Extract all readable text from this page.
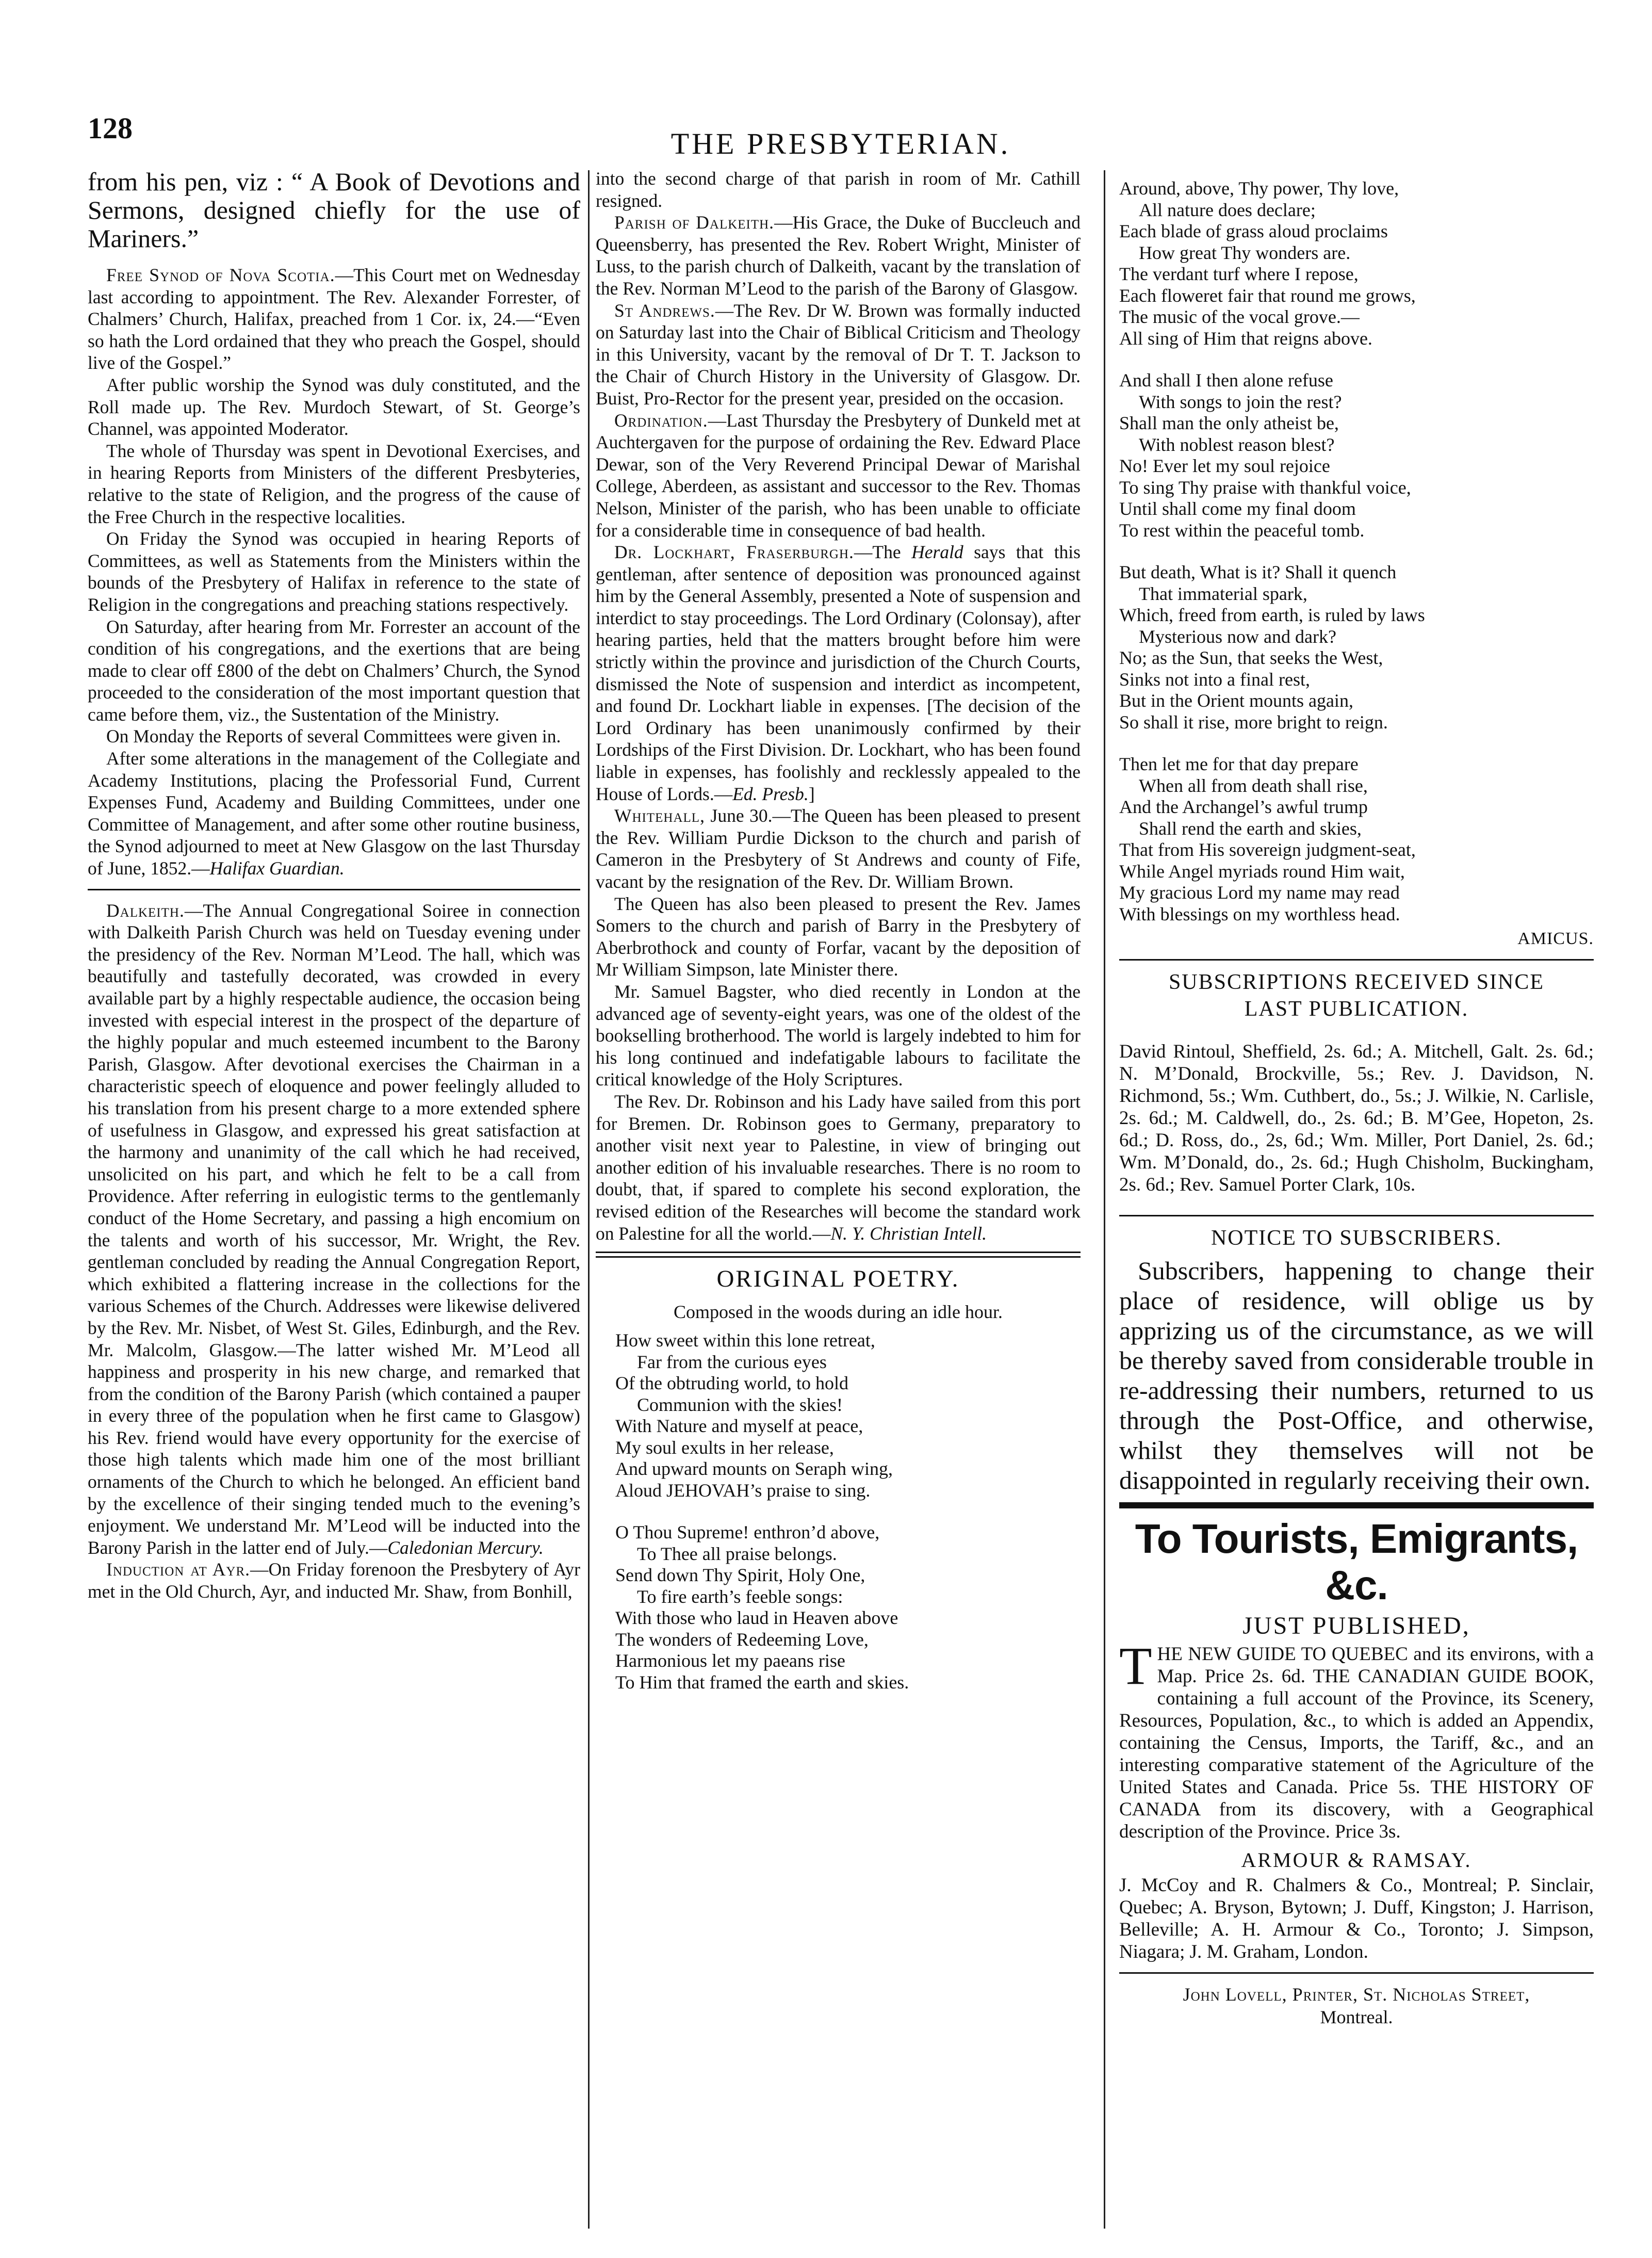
128	THE PRESBYTERIAN.

from his pen, viz : “ A Book of Devotions and Sermons, designed chiefly for the use of Mariners.”

Free Synod of Nova Scotia.—This Court met on Wednesday last according to appointment. The Rev. Alexander Forrester, of Chalmers’ Church, Halifax, preached from 1 Cor. ix, 24.—“Even so hath the Lord ordained that they who preach the Gospel, should live of the Gospel.”

After public worship the Synod was duly constituted, and the Roll made up. The Rev. Murdoch Stewart, of St. George’s Channel, was appointed Moderator.

The whole of Thursday was spent in Devotional Exercises, and in hearing Reports from Ministers of the different Presbyteries, relative to the state of Religion, and the progress of the cause of the Free Church in the respective localities.

On Friday the Synod was occupied in hearing Reports of Committees, as well as Statements from the Ministers within the bounds of the Presbytery of Halifax in reference to the state of Religion in the congregations and preaching stations respectively.

On Saturday, after hearing from Mr. Forrester an account of the condition of his congregations, and the exertions that are being made to clear off £800 of the debt on Chalmers’ Church, the Synod proceeded to the consideration of the most important question that came before them, viz., the Sustentation of the Ministry.

On Monday the Reports of several Committees were given in.

After some alterations in the management of the Collegiate and Academy Institutions, placing the Professorial Fund, Current Expenses Fund, Academy and Building Committees, under one Committee of Management, and after some other routine business, the Synod adjourned to meet at New Glasgow on the last Thursday of June, 1852.—Halifax Guardian.

Dalkeith.—The Annual Congregational Soiree in connection with Dalkeith Parish Church was held on Tuesday evening under the presidency of the Rev. Norman M’Leod. The hall, which was beautifully and tastefully decorated, was crowded in every available part by a highly respectable audience, the occasion being invested with especial interest in the prospect of the departure of the highly popular and much esteemed incumbent to the Barony Parish, Glasgow. After devotional exercises the Chairman in a characteristic speech of eloquence and power feelingly alluded to his translation from his present charge to a more extended sphere of usefulness in Glasgow, and expressed his great satisfaction at the harmony and unanimity of the call which he had received, unsolicited on his part, and which he felt to be a call from Providence. After referring in eulogistic terms to the gentlemanly conduct of the Home Secretary, and passing a high encomium on the talents and worth of his successor, Mr. Wright, the Rev. gentleman concluded by reading the Annual Congregation Report, which exhibited a flattering increase in the collections for the various Schemes of the Church. Addresses were likewise delivered by the Rev. Mr. Nisbet, of West St. Giles, Edinburgh, and the Rev. Mr. Malcolm, Glasgow.—The latter wished Mr. M’Leod all happiness and prosperity in his new charge, and remarked that from the condition of the Barony Parish (which contained a pauper in every three of the population when he first came to Glasgow) his Rev. friend would have every opportunity for the exercise of those high talents which made him one of the most brilliant ornaments of the Church to which he belonged. An efficient band by the excellence of their singing tended much to the evening’s enjoyment. We understand Mr. M’Leod will be inducted into the Barony Parish in the latter end of July.—Caledonian Mercury.

Induction at Ayr.—On Friday forenoon the Presbytery of Ayr met in the Old Church, Ayr, and inducted Mr. Shaw, from Bonhill,

into the second charge of that parish in room of Mr. Cathill resigned.

Parish of Dalkeith.—His Grace, the Duke of Buccleuch and Queensberry, has presented the Rev. Robert Wright, Minister of Luss, to the parish church of Dalkeith, vacant by the translation of the Rev. Norman M’Leod to the parish of the Barony of Glasgow.

St Andrews.—The Rev. Dr W. Brown was formally inducted on Saturday last into the Chair of Biblical Criticism and Theology in this University, vacant by the removal of Dr T. T. Jackson to the Chair of Church History in the University of Glasgow. Dr. Buist, Pro-Rector for the present year, presided on the occasion.

Ordination.—Last Thursday the Presbytery of Dunkeld met at Auchtergaven for the purpose of ordaining the Rev. Edward Place Dewar, son of the Very Reverend Principal Dewar of Marishal College, Aberdeen, as assistant and successor to the Rev. Thomas Nelson, Minister of the parish, who has been unable to officiate for a considerable time in consequence of bad health.

Dr. Lockhart, Fraserburgh.—The Herald says that this gentleman, after sentence of deposition was pronounced against him by the General Assembly, presented a Note of suspension and interdict to stay proceedings. The Lord Ordinary (Colonsay), after hearing parties, held that the matters brought before him were strictly within the province and jurisdiction of the Church Courts, dismissed the Note of suspension and interdict as incompetent, and found Dr. Lockhart liable in expenses. [The decision of the Lord Ordinary has been unanimously confirmed by their Lordships of the First Division. Dr. Lockhart, who has been found liable in expenses, has foolishly and recklessly appealed to the House of Lords.—Ed. Presb.]

Whitehall, June 30.—The Queen has been pleased to present the Rev. William Purdie Dickson to the church and parish of Cameron in the Presbytery of St Andrews and county of Fife, vacant by the resignation of the Rev. Dr. William Brown.

The Queen has also been pleased to present the Rev. James Somers to the church and parish of Barry in the Presbytery of Aberbrothock and county of Forfar, vacant by the deposition of Mr William Simpson, late Minister there.

Mr. Samuel Bagster, who died recently in London at the advanced age of seventy-eight years, was one of the oldest of the bookselling brotherhood. The world is largely indebted to him for his long continued and indefatigable labours to facilitate the critical knowledge of the Holy Scriptures.

The Rev. Dr. Robinson and his Lady have sailed from this port for Bremen. Dr. Robinson goes to Germany, preparatory to another visit next year to Palestine, in view of bringing out another edition of his invaluable researches. There is no room to doubt, that, if spared to complete his second exploration, the revised edition of the Researches will become the standard work on Palestine for all the world.—N. Y. Christian Intell.

ORIGINAL POETRY.
Composed in the woods during an idle hour.
How sweet within this lone retreat,
Far from the curious eyes
Of the obtruding world, to hold
Communion with the skies!
With Nature and myself at peace,
My soul exults in her release,
And upward mounts on Seraph wing,
Aloud JEHOVAH’s praise to sing.
O Thou Supreme! enthron’d above,
To Thee all praise belongs.
Send down Thy Spirit, Holy One,
To fire earth’s feeble songs:
With those who laud in Heaven above
The wonders of Redeeming Love,
Harmonious let my paeans rise
To Him that framed the earth and skies.
Around, above, Thy power, Thy love,
All nature does declare;
Each blade of grass aloud proclaims
How great Thy wonders are.
The verdant turf where I repose,
Each floweret fair that round me grows,
The music of the vocal grove.—
All sing of Him that reigns above.
And shall I then alone refuse
With songs to join the rest?
Shall man the only atheist be,
With noblest reason blest?
No! Ever let my soul rejoice
To sing Thy praise with thankful voice,
Until shall come my final doom
To rest within the peaceful tomb.
But death, What is it? Shall it quench
That immaterial spark,
Which, freed from earth, is ruled by laws
Mysterious now and dark?
No; as the Sun, that seeks the West,
Sinks not into a final rest,
But in the Orient mounts again,
So shall it rise, more bright to reign.
Then let me for that day prepare
When all from death shall rise,
And the Archangel’s awful trump
Shall rend the earth and skies,
That from His sovereign judgment-seat,
While Angel myriads round Him wait,
My gracious Lord my name may read
With blessings on my worthless head.
AMICUS.
SUBSCRIPTIONS RECEIVED SINCE
LAST PUBLICATION.

David Rintoul, Sheffield, 2s. 6d.; A. Mitchell, Galt. 2s. 6d.; N. M’Donald, Brockville, 5s.; Rev. J. Davidson, N. Richmond, 5s.; Wm. Cuthbert, do., 5s.; J. Wilkie, N. Carlisle, 2s. 6d.; M. Caldwell, do., 2s. 6d.; B. M’Gee, Hopeton, 2s. 6d.; D. Ross, do., 2s, 6d.; Wm. Miller, Port Daniel, 2s. 6d.; Wm. M’Donald, do., 2s. 6d.; Hugh Chisholm, Buckingham, 2s. 6d.; Rev. Samuel Porter Clark, 10s.

NOTICE TO SUBSCRIBERS.

Subscribers, happening to change their place of residence, will oblige us by apprizing us of the circumstance, as we will be thereby saved from considerable trouble in re-addressing their numbers, returned to us through the Post-Office, and otherwise, whilst they themselves will not be disappointed in regularly receiving their own.

To Tourists, Emigrants, &c.
JUST PUBLISHED,

THE NEW GUIDE TO QUEBEC and its environs, with a Map. Price 2s. 6d. THE CANADIAN GUIDE BOOK, containing a full account of the Province, its Scenery, Resources, Population, &c., to which is added an Appendix, containing the Census, Imports, the Tariff, &c., and an interesting comparative statement of the Agriculture of the United States and Canada. Price 5s. THE HISTORY OF CANADA from its discovery, with a Geographical description of the Province. Price 3s.

ARMOUR & RAMSAY.

J. McCoy and R. Chalmers & Co., Montreal; P. Sinclair, Quebec; A. Bryson, Bytown; J. Duff, Kingston; J. Harrison, Belleville; A. H. Armour & Co., Toronto; J. Simpson, Niagara; J. M. Graham, London.

John Lovell, Printer, St. Nicholas Street,
Montreal.
